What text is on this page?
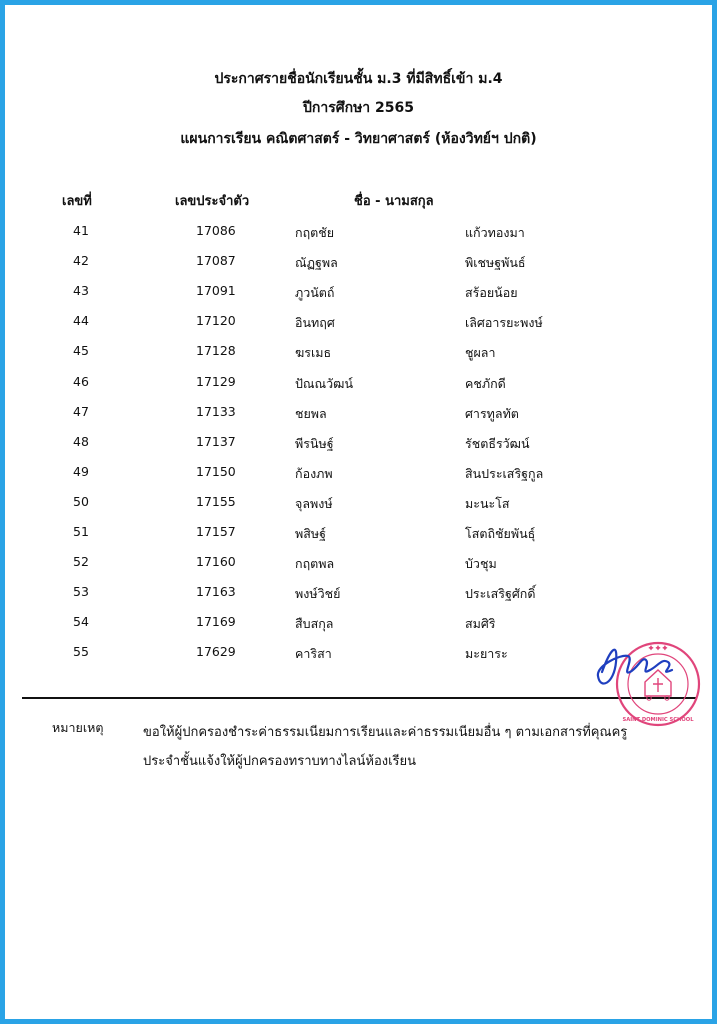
ประกาศรายชื่อนักเรียนชั้น ม.3 ที่มีสิทธิ์เข้า ม.4
ปีการศึกษา 2565
แผนการเรียน คณิตศาสตร์ - วิทยาศาสตร์ (ห้องวิทย์ฯ ปกติ)
เลขที่	เลขประจำตัว	ชื่อ - นามสกุล
41	17086	กฤตชัย	แก้วทองมา
42	17087	ณัฏฐพล	พิเชษฐพันธ์
43	17091	ภูวนัตถ์	สร้อยน้อย
44	17120	อินทฤศ	เลิศอารยะพงษ์
45	17128	ฆรเมธ	ชูผลา
46	17129	ปัณณวัฒน์	คชภักดี
47	17133	ชยพล	ศารทูลทัต
48	17137	พีรนิษฐ์	รัชตธีรวัฒน์
49	17150	ก้องภพ	สินประเสริฐกูล
50	17155	จุลพงษ์	มะนะโส
51	17157	พสิษฐ์	โสตถิชัยพันธุ์
52	17160	กฤตพล	บัวชุม
53	17163	พงษ์วิชย์	ประเสริฐศักดิ์
54	17169	สืบสกุล	สมศิริ
55	17629	คาริสา	มะยาระ
หมายเหตุ	ขอให้ผู้ปกครองชำระค่าธรรมเนียมการเรียนและค่าธรรมเนียมอื่น ๆ ตามเอกสารที่คุณครู
ประจำชั้นแจ้งให้ผู้ปกครองทราบทางไลน์ห้องเรียน
✦ ✦ ✦
SAINT DOMINIC SCHOOL
